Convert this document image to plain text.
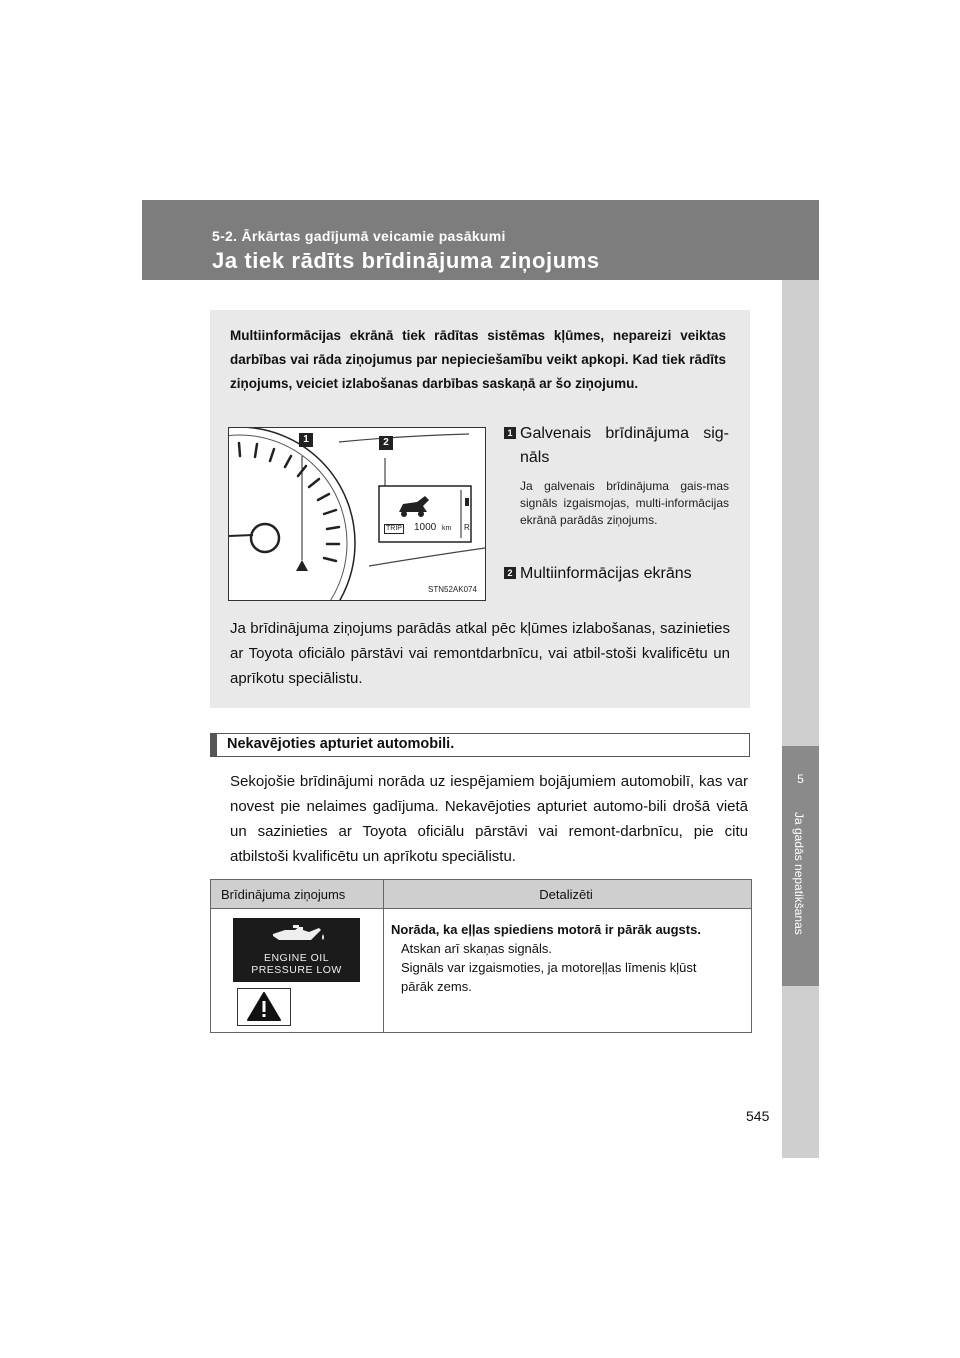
5-2. Ārkārtas gadījumā veicamie pasākumi
Ja tiek rādīts brīdinājuma ziņojums
5
Ja gadās nepatikšanas
Multiinformācijas ekrānā tiek rādītas sistēmas kļūmes, nepareizi veiktas darbības vai rāda ziņojumus par nepieciešamību veikt apkopi. Kad tiek rādīts ziņojums, veiciet izlabošanas darbības saskaņā ar šo ziņojumu.
1	2
TRIP 1000 km R
STN52AK074
1 Galvenais brīdinājuma sig-nāls
Ja galvenais brīdinājuma gais-mas signāls izgaismojas, multi-informācijas ekrānā parādās ziņojums.
2 Multiinformācijas ekrāns
Ja brīdinājuma ziņojums parādās atkal pēc kļūmes izlabošanas, sazinieties ar Toyota oficiālo pārstāvi vai remontdarbnīcu, vai atbil-stoši kvalificētu un aprīkotu speciālistu.
Nekavējoties apturiet automobili.
Sekojošie brīdinājumi norāda uz iespējamiem bojājumiem automobilī, kas var novest pie nelaimes gadījuma. Nekavējoties apturiet automo-bili drošā vietā un sazinieties ar Toyota oficiālu pārstāvi vai remont-darbnīcu, pie citu atbilstoši kvalificētu un aprīkotu speciālistu.
Brīdinājuma ziņojums	Detalizēti
ENGINE OIL
PRESSURE LOW
Norāda, ka eļļas spiediens motorā ir pārāk augsts.
Atskan arī skaņas signāls.
Signāls var izgaismoties, ja motoreļļas līmenis kļūst pārāk zems.
545
